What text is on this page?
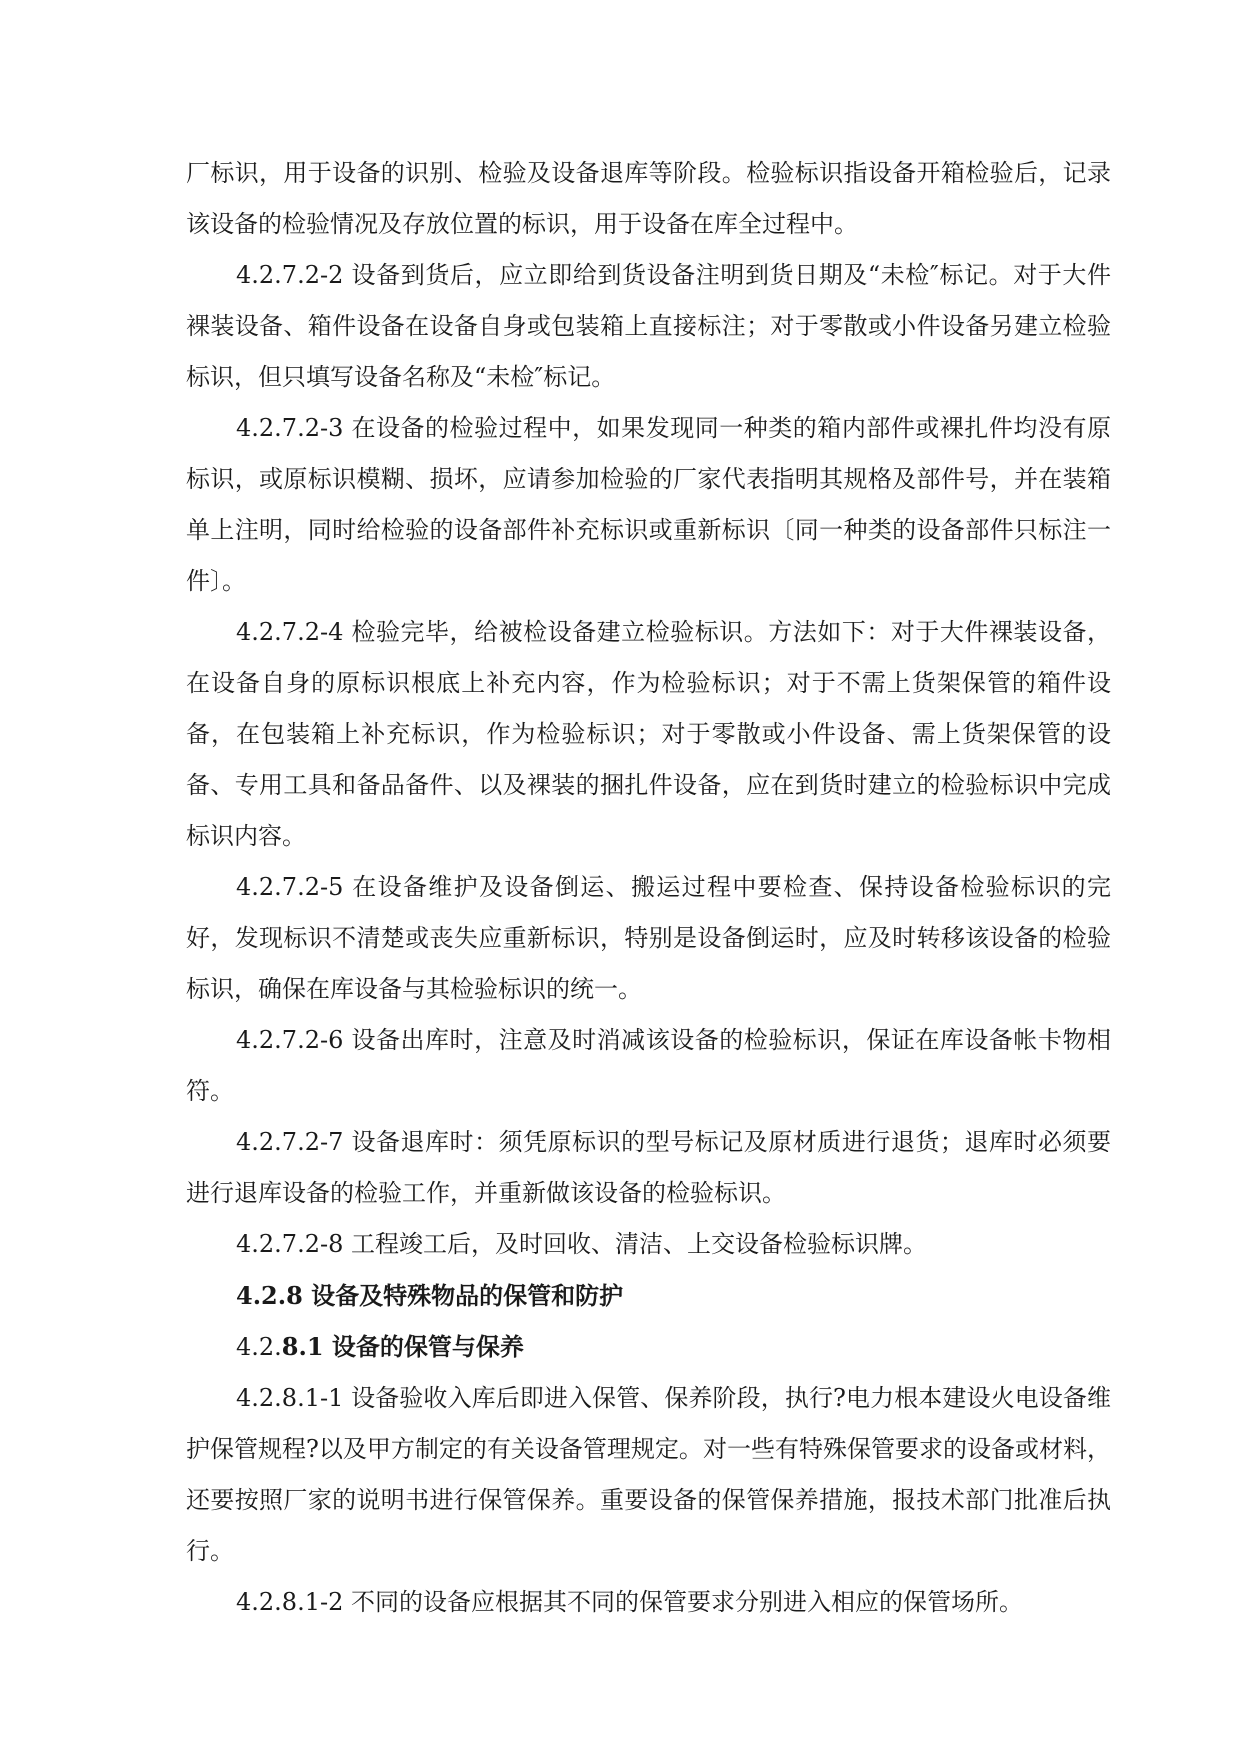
厂标识，用于设备的识别、检验及设备退库等阶段。检验标识指设备开箱检验后，记录该设备的检验情况及存放位置的标识，用于设备在库全过程中。

4.2.7.2-2 设备到货后，应立即给到货设备注明到货日期及“未检″标记。对于大件裸装设备、箱件设备在设备自身或包装箱上直接标注；对于零散或小件设备另建立检验标识，但只填写设备名称及“未检″标记。

4.2.7.2-3 在设备的检验过程中，如果发现同一种类的箱内部件或裸扎件均没有原标识，或原标识模糊、损坏，应请参加检验的厂家代表指明其规格及部件号，并在装箱单上注明，同时给检验的设备部件补充标识或重新标识〔同一种类的设备部件只标注一件〕。

4.2.7.2-4 检验完毕，给被检设备建立检验标识。方法如下：对于大件裸装设备，在设备自身的原标识根底上补充内容，作为检验标识；对于不需上货架保管的箱件设备，在包装箱上补充标识，作为检验标识；对于零散或小件设备、需上货架保管的设备、专用工具和备品备件、以及裸装的捆扎件设备，应在到货时建立的检验标识中完成标识内容。

4.2.7.2-5 在设备维护及设备倒运、搬运过程中要检查、保持设备检验标识的完好，发现标识不清楚或丧失应重新标识，特别是设备倒运时，应及时转移该设备的检验标识，确保在库设备与其检验标识的统一。

4.2.7.2-6 设备出库时，注意及时消减该设备的检验标识，保证在库设备帐卡物相符。

4.2.7.2-7 设备退库时：须凭原标识的型号标记及原材质进行退货；退库时必须要进行退库设备的检验工作，并重新做该设备的检验标识。

4.2.7.2-8 工程竣工后，及时回收、清洁、上交设备检验标识牌。

4.2.8 设备及特殊物品的保管和防护

4.2.8.1 设备的保管与保养

4.2.8.1-1 设备验收入库后即进入保管、保养阶段，执行?电力根本建设火电设备维护保管规程?以及甲方制定的有关设备管理规定。对一些有特殊保管要求的设备或材料，还要按照厂家的说明书进行保管保养。重要设备的保管保养措施，报技术部门批准后执行。

4.2.8.1-2 不同的设备应根据其不同的保管要求分别进入相应的保管场所。
